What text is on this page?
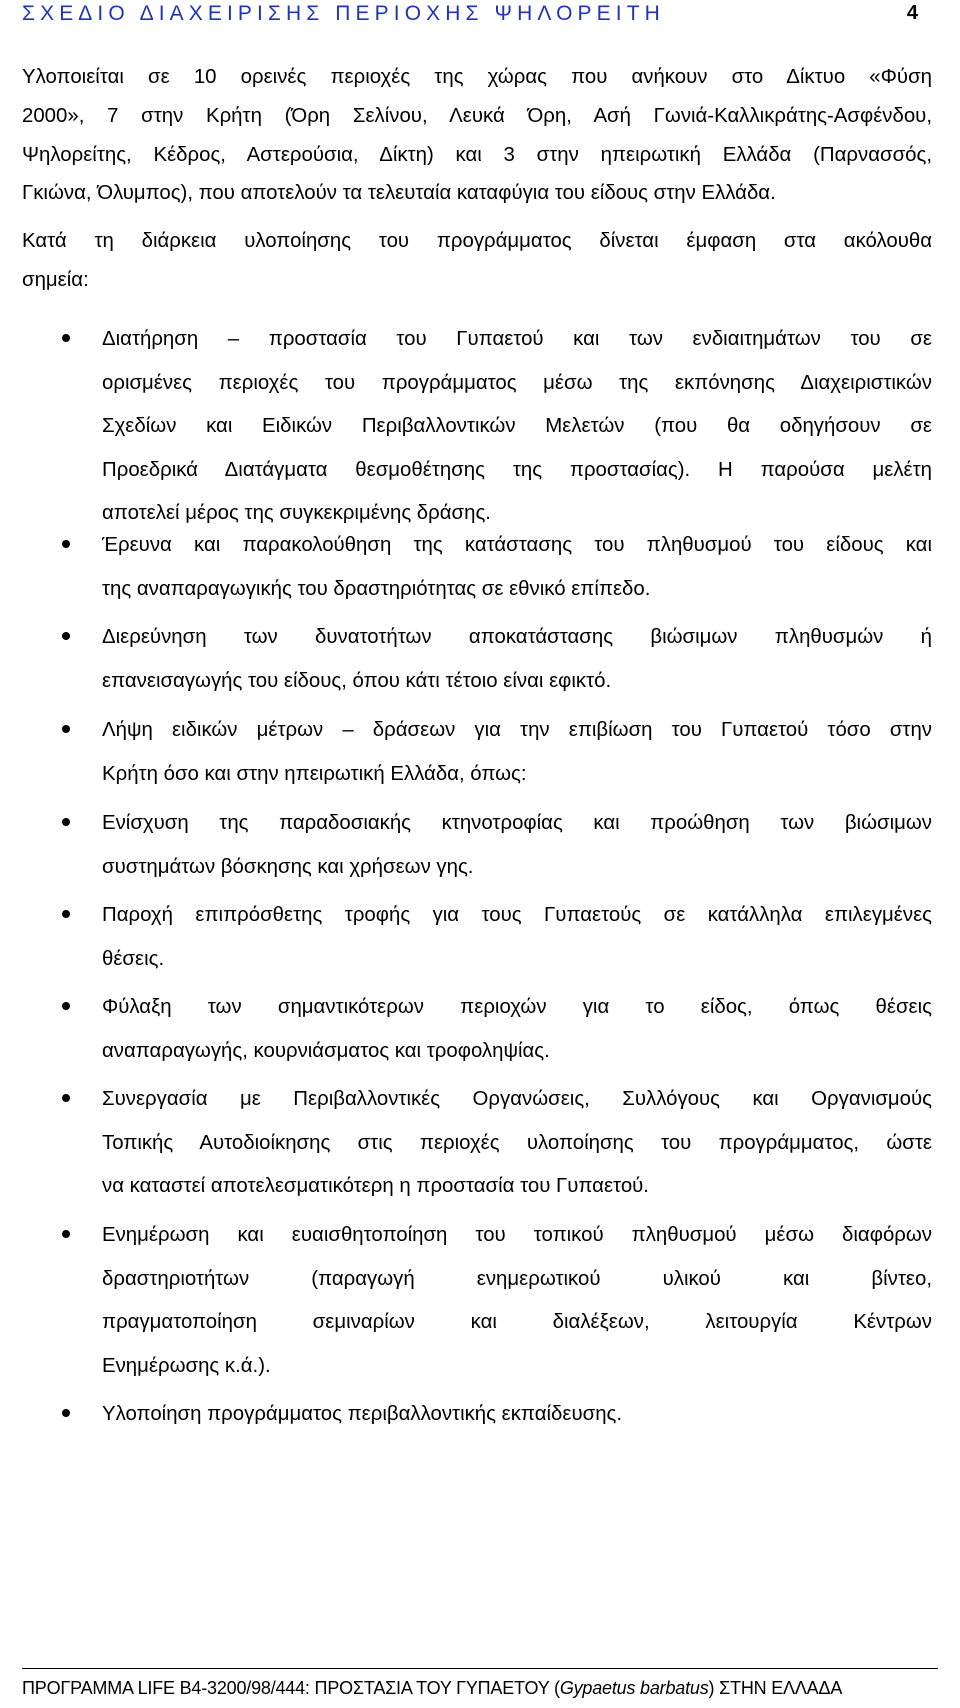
ΣΧΕΔΙΟ ΔΙΑΧΕΙΡΙΣΗΣ ΠΕΡΙΟΧΗΣ ΨΗΛΟΡΕΙΤΗ	4
Υλοποιείται σε 10 ορεινές περιοχές της χώρας που ανήκουν στο Δίκτυο «Φύση
2000», 7 στην Κρήτη (Όρη Σελίνου, Λευκά Όρη, Ασή Γωνιά-Καλλικράτης-Ασφένδου,
Ψηλορείτης, Κέδρος, Αστερούσια, Δίκτη) και 3 στην ηπειρωτική Ελλάδα (Παρνασσός,
Γκιώνα, Όλυμπος), που αποτελούν τα τελευταία καταφύγια του είδους στην Ελλάδα.
Κατά τη διάρκεια υλοποίησης του προγράμματος δίνεται έμφαση στα ακόλουθα
σημεία:
Διατήρηση – προστασία του Γυπαετού και των ενδιαιτημάτων του σε
ορισμένες περιοχές του προγράμματος μέσω της εκπόνησης Διαχειριστικών
Σχεδίων και Ειδικών Περιβαλλοντικών Μελετών (που θα οδηγήσουν σε
Προεδρικά Διατάγματα θεσμοθέτησης της προστασίας). Η παρούσα μελέτη
αποτελεί μέρος της συγκεκριμένης δράσης.
Έρευνα και παρακολούθηση της κατάστασης του πληθυσμού του είδους και
της αναπαραγωγικής του δραστηριότητας σε εθνικό επίπεδο.
Διερεύνηση των δυνατοτήτων αποκατάστασης βιώσιμων πληθυσμών ή
επανεισαγωγής του είδους, όπου κάτι τέτοιο είναι εφικτό.
Λήψη ειδικών μέτρων – δράσεων για την επιβίωση του Γυπαετού τόσο στην
Κρήτη όσο και στην ηπειρωτική Ελλάδα, όπως:
Ενίσχυση της παραδοσιακής κτηνοτροφίας και προώθηση των βιώσιμων
συστημάτων βόσκησης και χρήσεων γης.
Παροχή επιπρόσθετης τροφής για τους Γυπαετούς σε κατάλληλα επιλεγμένες
θέσεις.
Φύλαξη των σημαντικότερων περιοχών για το είδος, όπως θέσεις
αναπαραγωγής, κουρνιάσματος και τροφοληψίας.
Συνεργασία με Περιβαλλοντικές Οργανώσεις, Συλλόγους και Οργανισμούς
Τοπικής Αυτοδιοίκησης στις περιοχές υλοποίησης του προγράμματος, ώστε
να καταστεί αποτελεσματικότερη η προστασία του Γυπαετού.
Ενημέρωση και ευαισθητοποίηση του τοπικού πληθυσμού μέσω διαφόρων
δραστηριοτήτων (παραγωγή ενημερωτικού υλικού και βίντεο,
πραγματοποίηση σεμιναρίων και διαλέξεων, λειτουργία Κέντρων
Ενημέρωσης κ.ά.).
Υλοποίηση προγράμματος περιβαλλοντικής εκπαίδευσης.
ΠΡΟΓΡΑΜΜΑ LIFE B4-3200/98/444: ΠΡΟΣΤΑΣΙΑ ΤΟΥ ΓΥΠΑΕΤΟΥ (Gypaetus barbatus) ΣΤΗΝ ΕΛΛΑΔΑ
